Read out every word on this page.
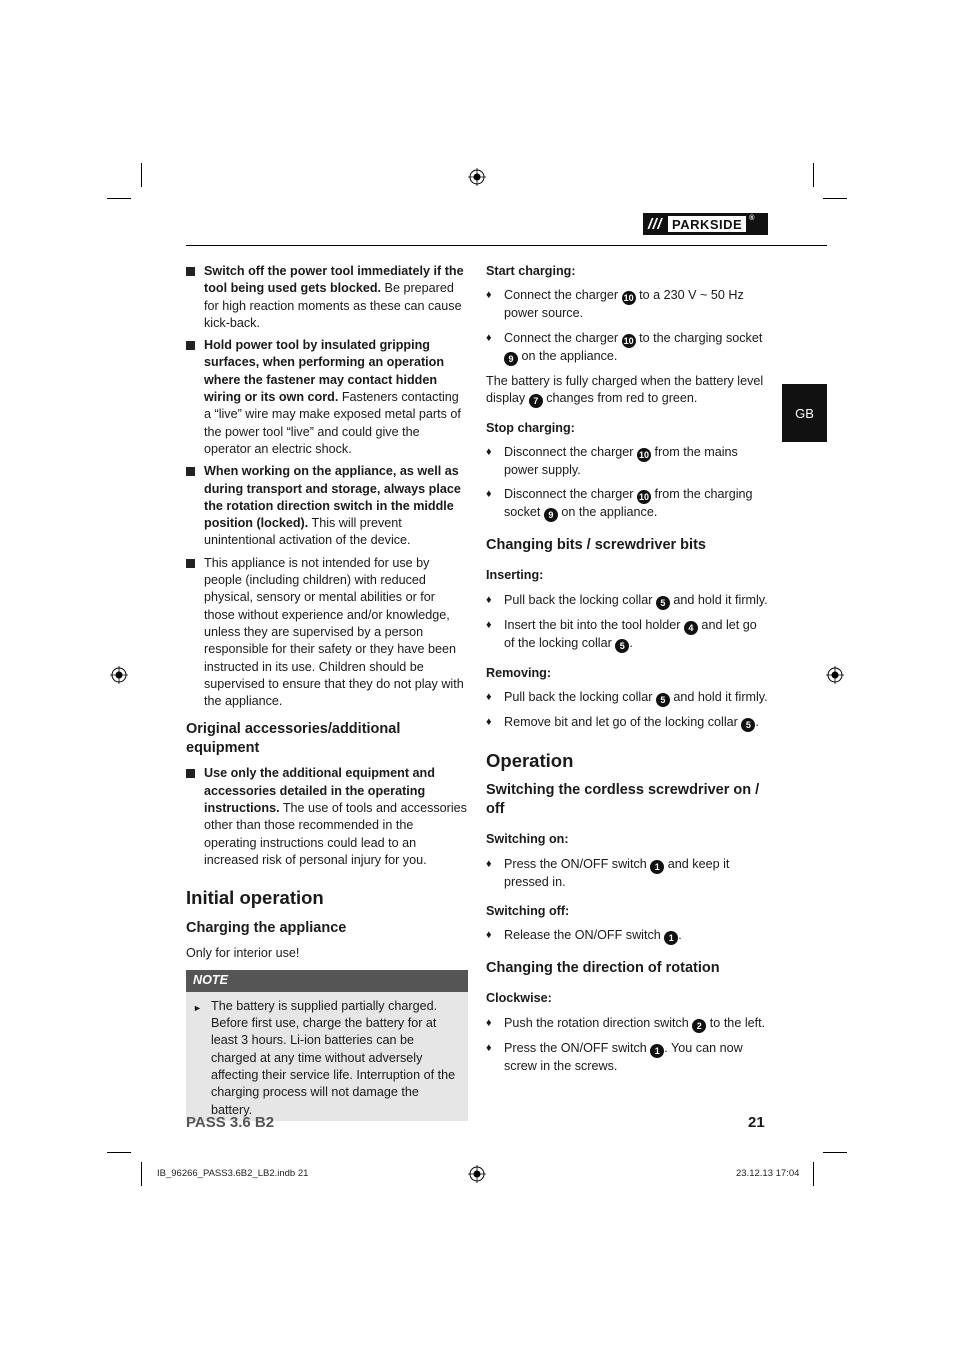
/// PARKSIDE	®
GB
Switch off the power tool immediately if the tool being used gets blocked. Be prepared for high reaction moments as these can cause kick-back.
Hold power tool by insulated gripping surfaces, when performing an operation where the fastener may contact hidden wiring or its own cord. Fasteners contacting a “live” wire may make exposed metal parts of the power tool “live” and could give the operator an electric shock.
When working on the appliance, as well as during transport and storage, always place the rotation direction switch in the middle position (locked). This will prevent unintentional activation of the device.
This appliance is not intended for use by people (including children) with reduced physical, sensory or mental abilities or for those without experience and/or knowledge, unless they are supervised by a person responsible for their safety or they have been instructed in its use. Children should be supervised to ensure that they do not play with the appliance.
Original accessories/additional equipment
Use only the additional equipment and accessories detailed in the operating instructions. The use of tools and accessories other than those recommended in the operating instructions could lead to an increased risk of personal injury for you.
Initial operation
Charging the appliance

Only for interior use!

NOTE
► The battery is supplied partially charged. Before first use, charge the battery for at least 3 hours. Li-ion batteries can be charged at any time without adversely affecting their service life. Interruption of the charging process will not damage the battery.
Start charging:
♦ Connect the charger 10 to a 230 V ~ 50 Hz power source.
♦ Connect the charger 10 to the charging socket 9 on the appliance.

The battery is fully charged when the battery level display 7 changes from red to green.

Stop charging:
♦ Disconnect the charger 10 from the mains power supply.
♦ Disconnect the charger 10 from the charging socket 9 on the appliance.
Changing bits / screwdriver bits
Inserting:
♦ Pull back the locking collar 5 and hold it firmly.
♦ Insert the bit into the tool holder 4 and let go of the locking collar 5 .
Removing:
♦ Pull back the locking collar 5 and hold it firmly.
♦ Remove bit and let go of the locking collar 5 .
Operation
Switching the cordless screwdriver on / off
Switching on:
♦ Press the ON/OFF switch 1 and keep it pressed in.
Switching off:
♦ Release the ON/OFF switch 1 .
Changing the direction of rotation
Clockwise:
♦ Push the rotation direction switch 2 to the left.
♦ Press the ON/OFF switch 1 . You can now screw in the screws.
PASS 3.6 B2	21
IB_96266_PASS3.6B2_LB2.indb 21	23.12.13 17:04
